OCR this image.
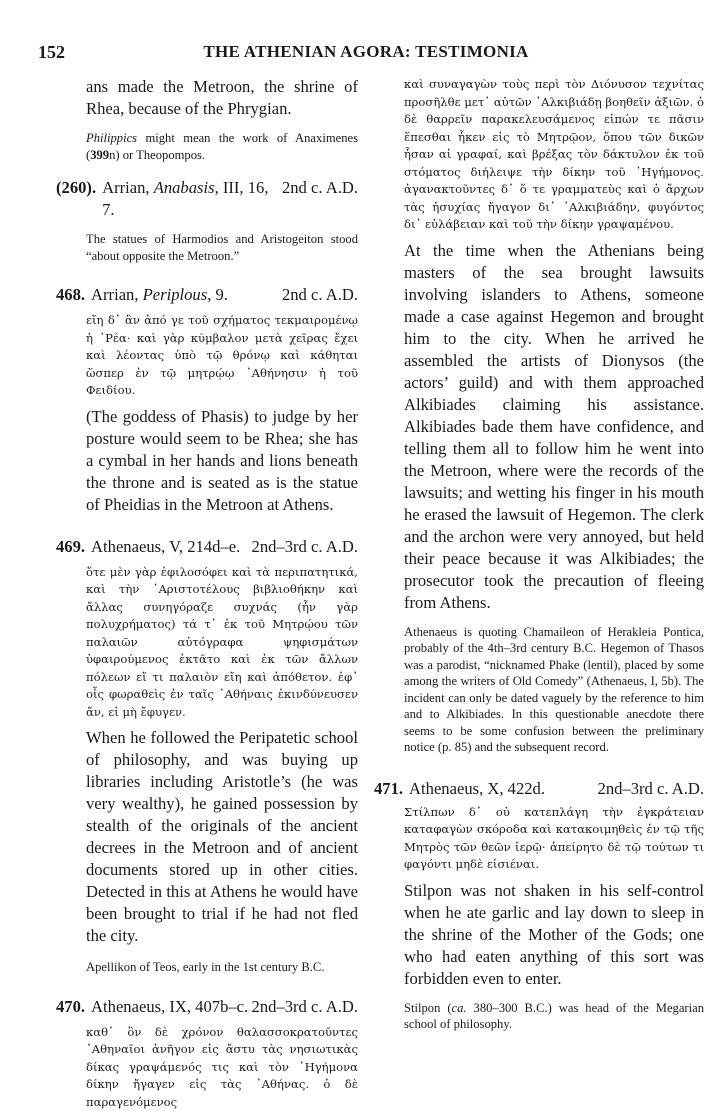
152	THE ATHENIAN AGORA: TESTIMONIA

ans made the Metroon, the shrine of Rhea, because of the Phrygian.

Philippics might mean the work of Anaximenes (399n) or Theopompos.

(260). Arrian, Anabasis, III, 16, 7.
2nd c. A.D.

The statues of Harmodios and Aristogeiton stood “about opposite the Metroon.”

468. Arrian, Periplous, 9.	2nd c. A.D.

εἴη δ᾽ ἂν ἀπό γε τοῦ σχήματος τεκμαιρομένῳ ἡ ῾Ρέα· καὶ γὰρ κύμβαλον μετὰ χεῖρας ἔχει καὶ λέοντας ὑπὸ τῷ θρόνῳ καὶ κάθηται ὥσπερ ἐν τῷ μητρῴῳ ᾽Αθήνησιν ἡ τοῦ Φειδίου.

(The goddess of Phasis) to judge by her posture would seem to be Rhea; she has a cymbal in her hands and lions beneath the throne and is seated as is the statue of Pheidias in the Metroon at Athens.

469. Athenaeus, V, 214d–e. 2nd–3rd c. A.D.

ὅτε μὲν γὰρ ἐφιλοσόφει καὶ τὰ περιπατητικά, καὶ τὴν ᾽Αριστοτέλους βιβλιοθήκην καὶ ἄλλας συνηγόραζε συχνάς (ἦν γὰρ πολυχρήματος) τά τ᾽ ἐκ τοῦ Μητρῴου τῶν παλαιῶν αὐτόγραφα ψηφισμάτων ὑφαιρούμενος ἐκτᾶτο καὶ ἐκ τῶν ἄλλων πόλεων εἴ τι παλαιὸν εἴη καὶ ἀπόθετον. ἐφ᾽ οἷς φωραθεὶς ἐν ταῖς ᾽Αθήναις ἐκινδύνευσεν ἄν, εἰ μὴ ἔφυγεν.

When he followed the Peripatetic school of philosophy, and was buying up libraries including Aristotle’s (he was very wealthy), he gained possession by stealth of the originals of the ancient decrees in the Metroon and of ancient documents stored up in other cities. Detected in this at Athens he would have been brought to trial if he had not fled the city.

Apellikon of Teos, early in the 1st century B.C.

470. Athenaeus, IX, 407b–c. 2nd–3rd c. A.D.

καθ᾽ ὃν δὲ χρόνον θαλασσοκρατοῦντες ᾽Αθηναῖοι ἀνῆγον εἰς ἄστυ τὰς νησιωτικὰς δίκας γραψάμενός τις καὶ τὸν ῾Ηγήμονα δίκην ἤγαγεν εἰς τὰς ᾽Αθήνας. ὁ δὲ παραγενόμενος

καὶ συναγαγὼν τοὺς περὶ τὸν Διόνυσον τεχνίτας προσῆλθε μετ᾽ αὐτῶν ᾽Αλκιβιάδῃ βοηθεῖν ἀξιῶν. ὁ δὲ θαρρεῖν παρακελευσάμενος εἰπών τε πᾶσιν ἕπεσθαι ἧκεν εἰς τὸ Μητρῷον, ὅπου τῶν δικῶν ἦσαν αἱ γραφαί, καὶ βρέξας τὸν δάκτυλον ἐκ τοῦ στόματος διήλειψε τὴν δίκην τοῦ ῾Ηγήμονος. ἀγανακτοῦντες δ᾽ ὅ τε γραμματεὺς καὶ ὁ ἄρχων τὰς ἡσυχίας ἤγαγον δι᾽ ᾽Αλκιβιάδην, φυγόντος δι᾽ εὐλάβειαν καὶ τοῦ τὴν δίκην γραψαμένου.

At the time when the Athenians being masters of the sea brought lawsuits involving islanders to Athens, someone made a case against Hegemon and brought him to the city. When he arrived he assembled the artists of Dionysos (the actors’ guild) and with them approached Alkibiades claiming his assistance. Alkibiades bade them have confidence, and telling them all to follow him he went into the Metroon, where were the records of the lawsuits; and wetting his finger in his mouth he erased the lawsuit of Hegemon. The clerk and the archon were very annoyed, but held their peace because it was Alkibiades; the prosecutor took the precaution of fleeing from Athens.

Athenaeus is quoting Chamaileon of Herakleia Pontica, probably of the 4th–3rd century B.C. Hegemon of Thasos was a parodist, “nicknamed Phake (lentil), placed by some among the writers of Old Comedy” (Athenaeus, I, 5b). The incident can only be dated vaguely by the reference to him and to Alkibiades. In this questionable anecdote there seems to be some confusion between the preliminary notice (p. 85) and the subsequent record.

471. Athenaeus, X, 422d.	2nd–3rd c. A.D.

Στίλπων δ᾽ οὐ κατεπλάγη τὴν ἐγκράτειαν καταφαγὼν σκόροδα καὶ κατακοιμηθεὶς ἐν τῷ τῆς Μητρὸς τῶν θεῶν ἱερῷ· ἀπείρητο δὲ τῷ τούτων τι φαγόντι μηδὲ εἰσιέναι.

Stilpon was not shaken in his self-control when he ate garlic and lay down to sleep in the shrine of the Mother of the Gods; one who had eaten anything of this sort was forbidden even to enter.

Stilpon (ca. 380–300 B.C.) was head of the Megarian school of philosophy.
